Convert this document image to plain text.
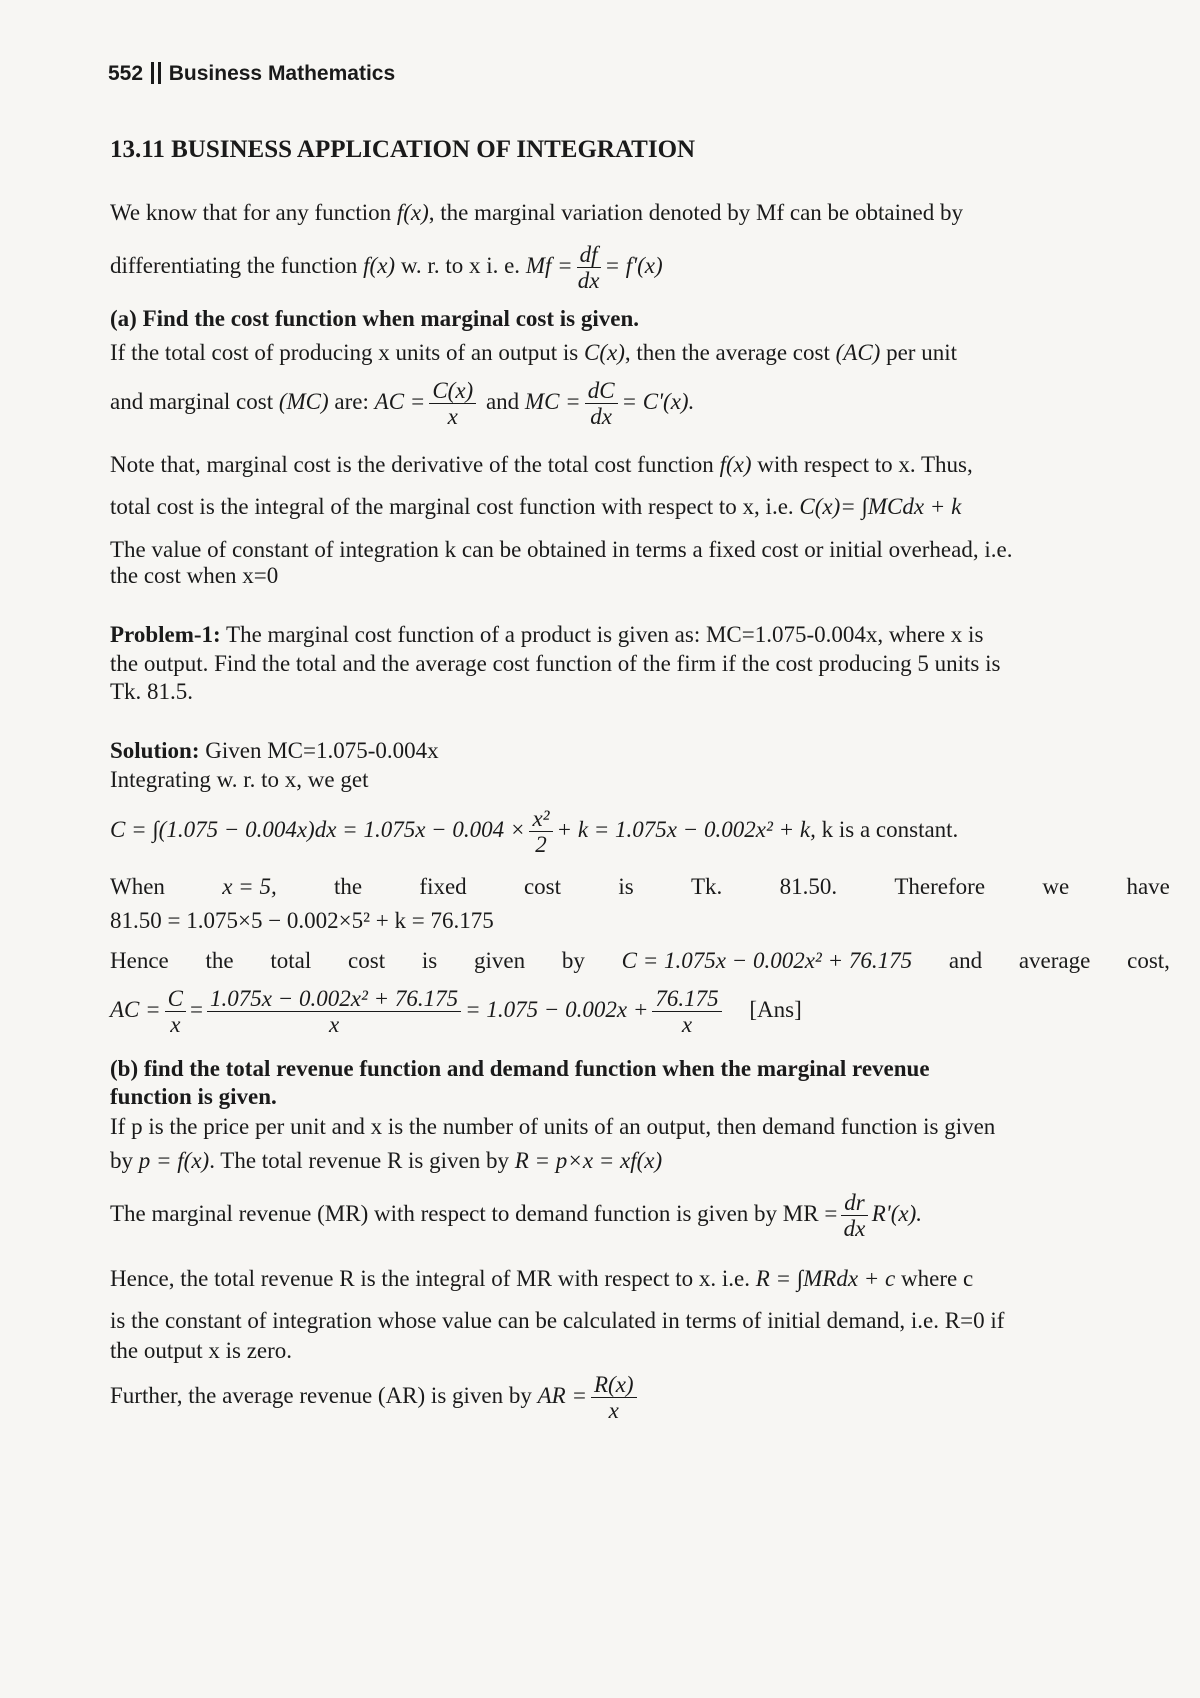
552 Business Mathematics
13.11 BUSINESS APPLICATION OF INTEGRATION
We know that for any function f(x), the marginal variation denoted by Mf can be obtained by
differentiating the function f(x) w. r. to x i. e. $Mf = \frac{df}{dx} = f'(x)$
(a) Find the cost function when marginal cost is given.
If the total cost of producing x units of an output is C(x), then the average cost (AC) per unit
and marginal cost (MC) are: AC = $\frac{C(x)}{x}$ and MC = $\frac{dC}{dx} = C'(x)$.
Note that, marginal cost is the derivative of the total cost function f(x) with respect to x. Thus,
total cost is the integral of the marginal cost function with respect to x, i.e. C(x)= ∫MCdx + k
The value of constant of integration k can be obtained in terms a fixed cost or initial overhead, i.e.
the cost when x=0
Problem-1: The marginal cost function of a product is given as: MC=1.075-0.004x, where x is
the output. Find the total and the average cost function of the firm if the cost producing 5 units is
Tk. 81.5.
Solution: Given MC=1.075-0.004x
Integrating w. r. to x, we get
$C = \int(1.075 - 0.004x)dx = 1.075x - 0.004 \times \frac{\text{x²}}{2} + k = 1.075x - 0.002x^2 + k$, k is a constant.
When x = 5, the fixed cost is Tk. 81.50. Therefore we have
81.50 = 1.075×5 − 0.002×5² + k = 76.175
Hence the total cost is given by C = 1.075x − 0.002x² + 76.175 and average cost,
AC = $\frac{C}{x} = \frac{\text{1.075x − 0.002x² + 76.175}}{x} = 1.075 - 0.002x + \frac{76.175}{x} [Ans]$
(b) find the total revenue function and demand function when the marginal revenue
function is given.
If p is the price per unit and x is the number of units of an output, then demand function is given
by p = f(x). The total revenue R is given by R = p×x = xf(x)
The marginal revenue (MR) with respect to demand function is given by MR = $\frac{dr}{dx} R'(x)$.
Hence, the total revenue R is the integral of MR with respect to x. i.e. R = ∫MRdx + c where c
is the constant of integration whose value can be calculated in terms of initial demand, i.e. R=0 if
the output x is zero.
Further, the average revenue (AR) is given by AR = $\frac{R(x)}{x}$
